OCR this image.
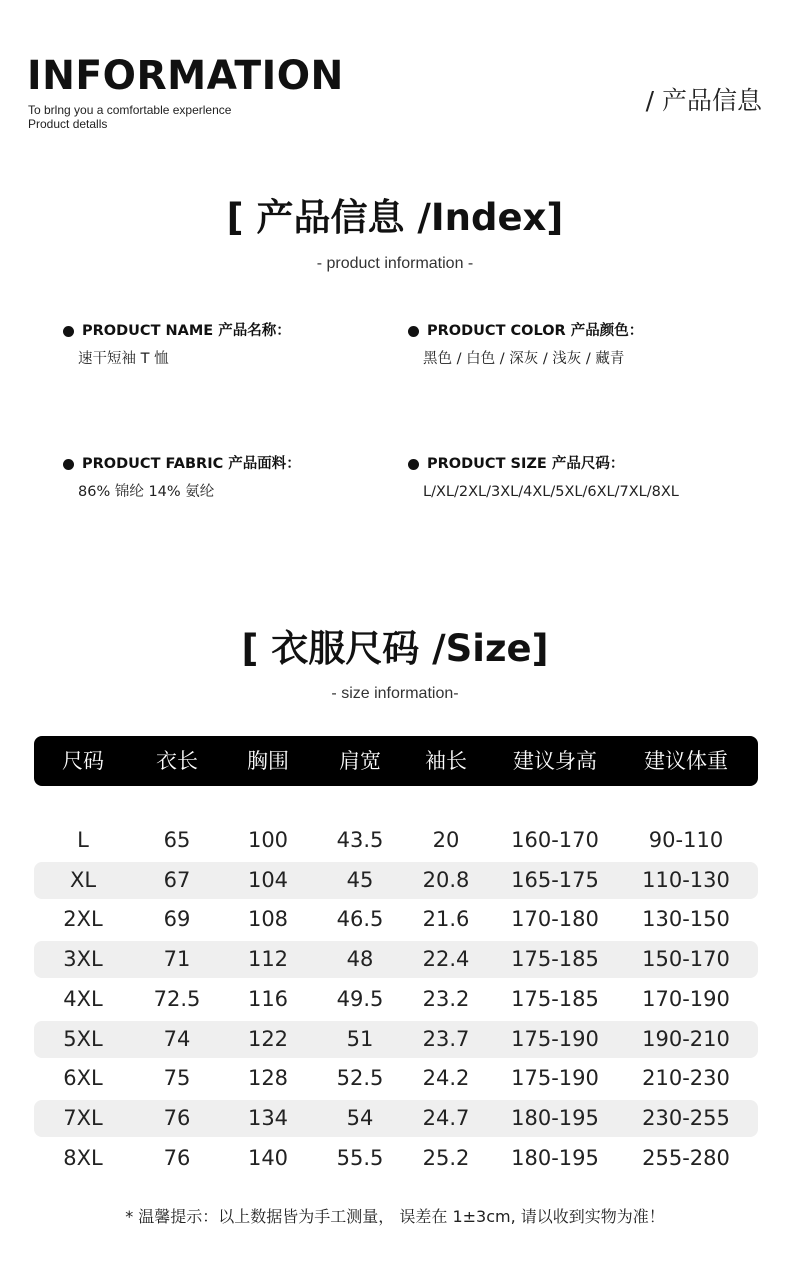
INFORMATION
To brlng you a comfortable experlence
Product detalls
/ 产品信息
[ 产品信息 /Index]
- product information -
PRODUCT NAME 产品名称：
速干短袖 T 恤
PRODUCT COLOR 产品颜色：
黑色 / 白色 / 深灰 / 浅灰 / 藏青
PRODUCT FABRIC 产品面料：
86% 锦纶 14% 氨纶
PRODUCT SIZE 产品尺码：
L/XL/2XL/3XL/4XL/5XL/6XL/7XL/8XL
[ 衣服尺码 /Size]
- size information-
尺码 衣长 胸围 肩宽 袖长 建议身高 建议体重
L	65	100 43.5 20 160-170 90-110
XL	67	104	45 20.8 165-175 110-130
2XL	69	108 46.5 21.6 170-180 130-150
3XL	71	112	48 22.4 175-185 150-170
4XL 72.5 116 49.5 23.2 175-185 170-190
5XL	74	122	51 23.7 175-190 190-210
6XL	75	128 52.5 24.2 175-190 210-230
7XL	76	134	54 24.7 180-195 230-255
8XL	76	140 55.5 25.2 180-195 255-280
* 温馨提示：以上数据皆为手工测量， 误差在 1±3cm, 请以收到实物为准！
